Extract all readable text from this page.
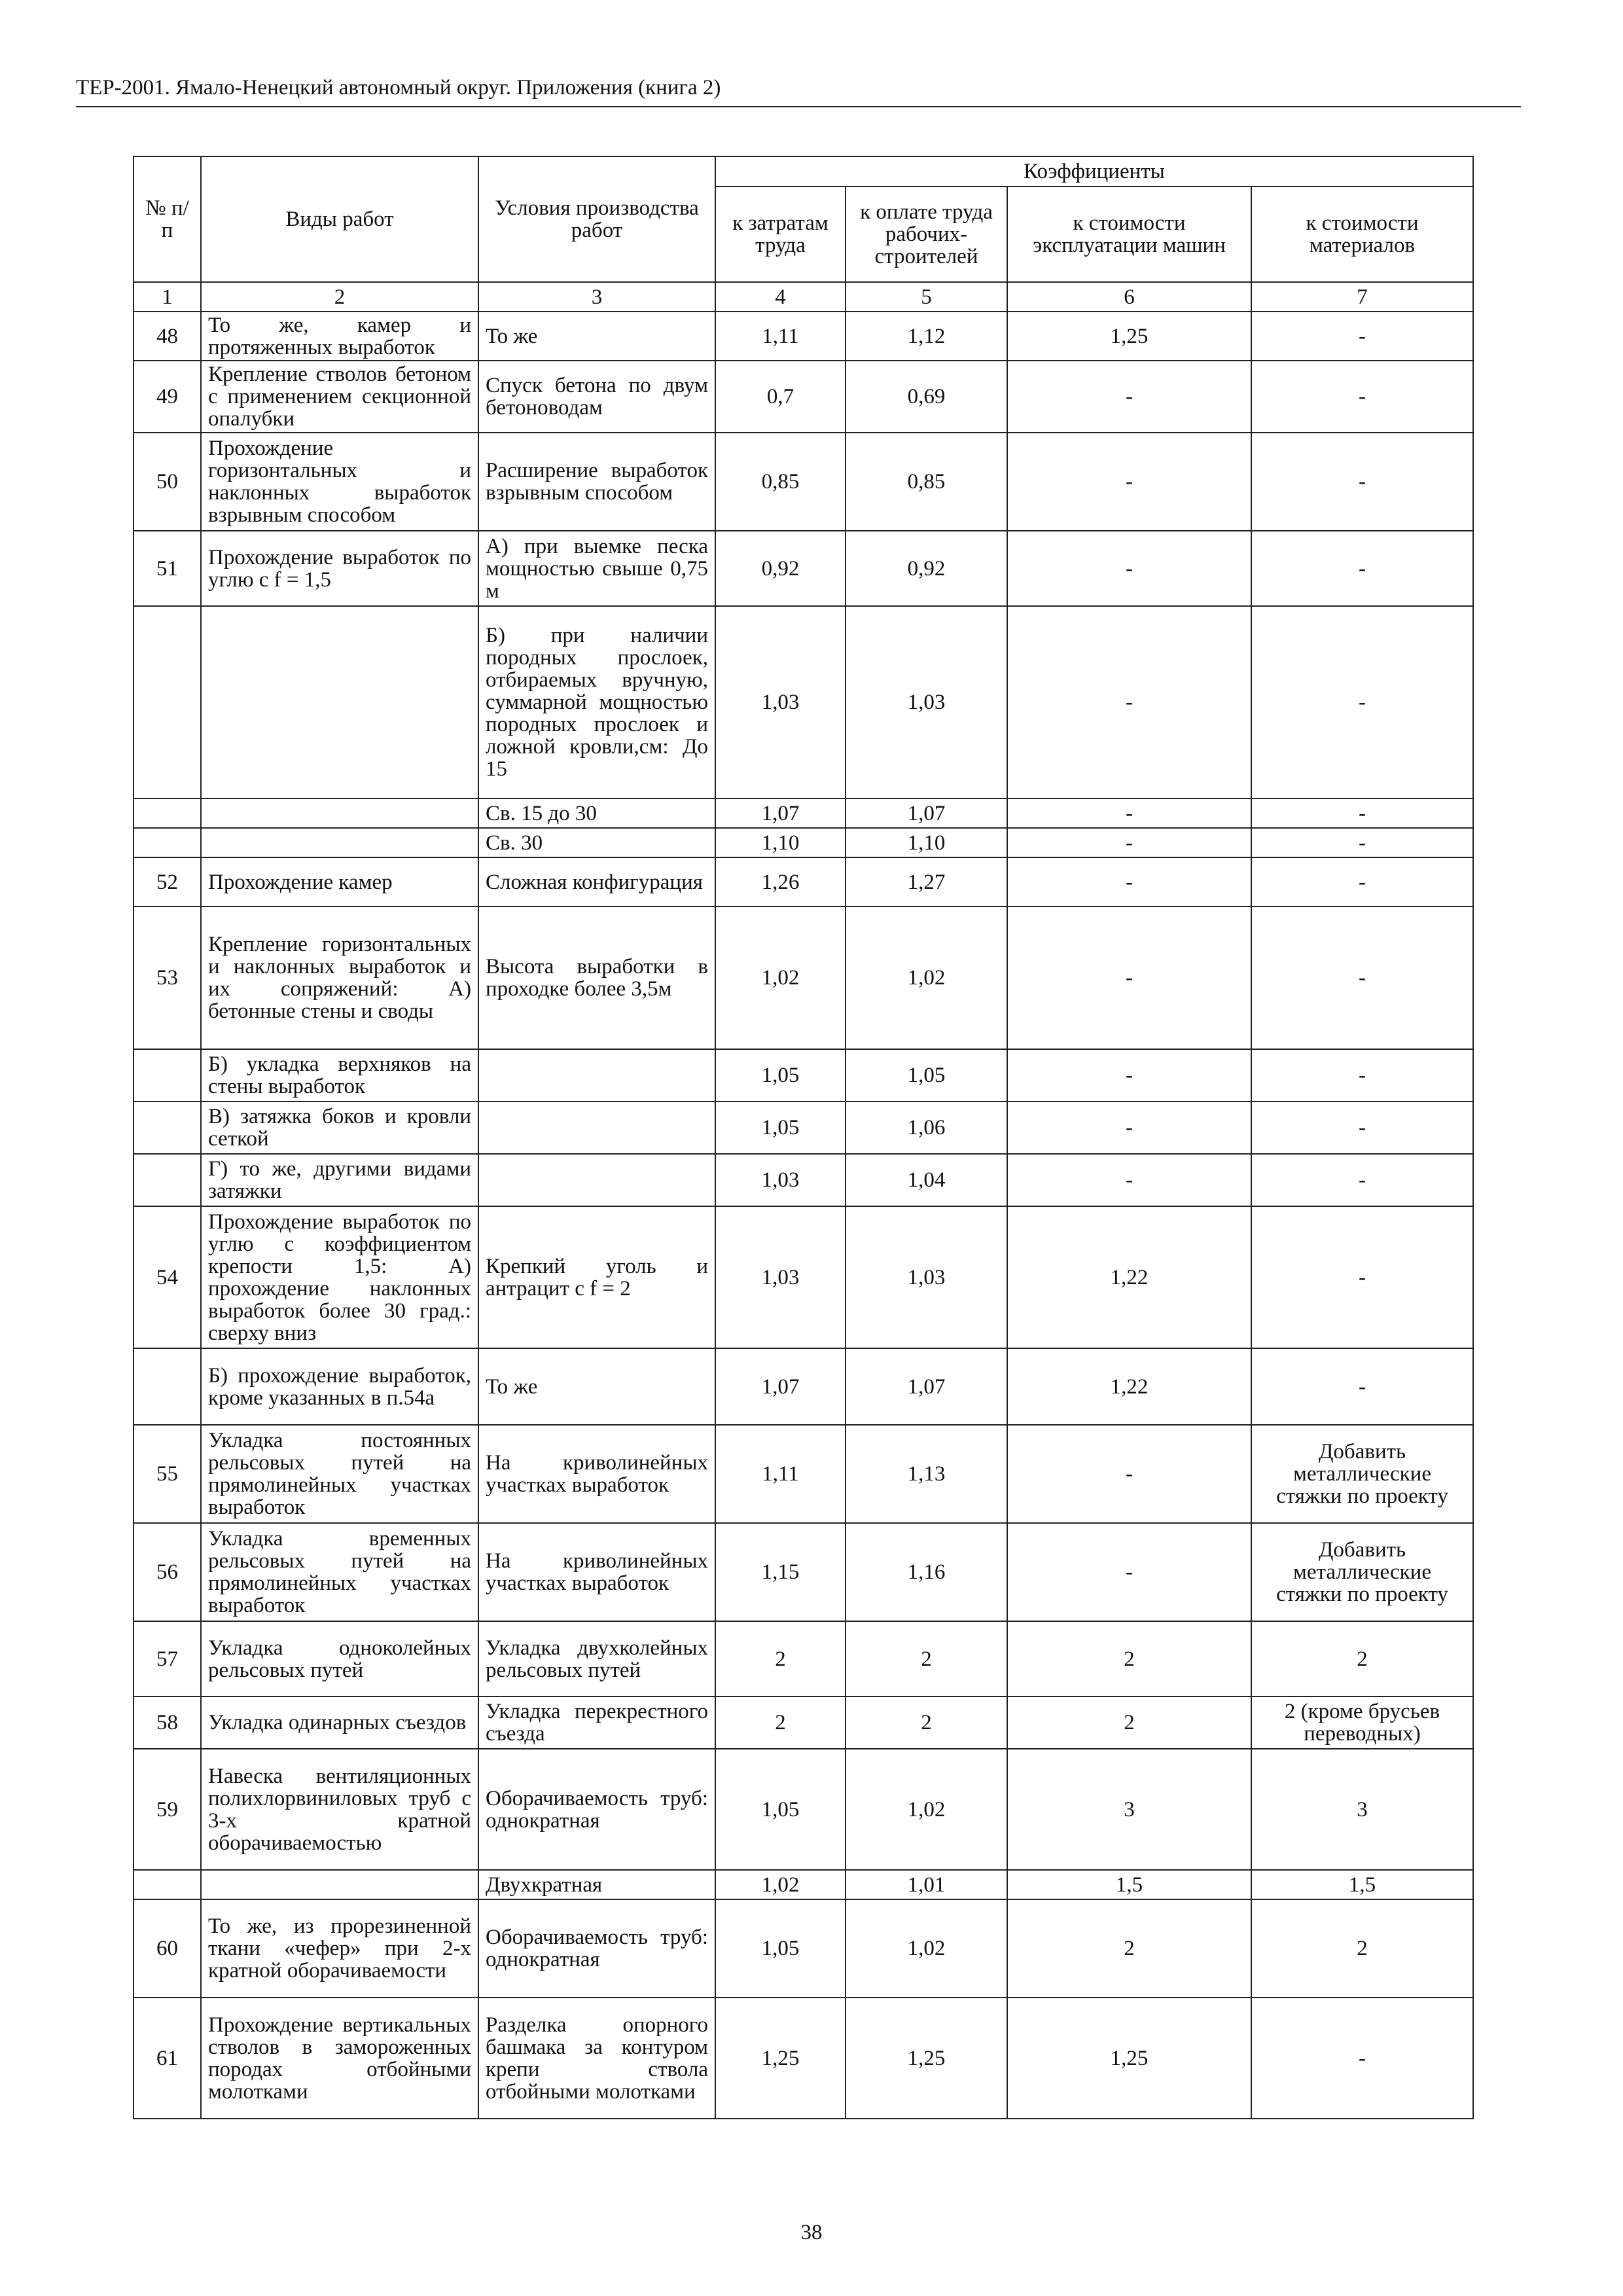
ТЕР-2001. Ямало-Ненецкий автономный округ. Приложения (книга 2)
№ п/п	Виды работ	Условия производства работ	Коэффициенты			
			к затратам труда	к оплате труда рабочих-строителей	к стоимости эксплуатации машин	к стоимости материалов
1	2	3	4	5	6	7
48	То же, камер и протяженных выработок	То же	1,11	1,12	1,25	-
49	Крепление стволов бетоном с применением секционной опалубки	Спуск бетона по двум бетоноводам	0,7	0,69	-	-
50	Прохождение горизонтальных и наклонных выработок взрывным способом	Расширение выработок взрывным способом	0,85	0,85	-	-
51	Прохождение выработок по углю с f = 1,5	А) при выемке песка мощностью свыше 0,75 м	0,92	0,92	-	-
		Б) при наличии породных прослоек, отбираемых вручную, суммарной мощностью породных прослоек и ложной кровли,см: До 15	1,03	1,03	-	-
		Св. 15 до 30	1,07	1,07	-	-
		Св. 30	1,10	1,10	-	-
52	Прохождение камер	Сложная конфигурация	1,26	1,27	-	-
53	Крепление горизонтальных и наклонных выработок и их сопряжений: А) бетонные стены и своды	Высота выработки в проходке более 3,5м	1,02	1,02	-	-
	Б) укладка верхняков на стены выработок		1,05	1,05	-	-
	В) затяжка боков и кровли сеткой		1,05	1,06	-	-
	Г) то же, другими видами затяжки		1,03	1,04	-	-
54	Прохождение выработок по углю с коэффициентом крепости 1,5: А) прохождение наклонных выработок более 30 град.: сверху вниз	Крепкий уголь и антрацит с f = 2	1,03	1,03	1,22	-
	Б) прохождение выработок, кроме указанных в п.54а	То же	1,07	1,07	1,22	-
55	Укладка постоянных рельсовых путей на прямолинейных участках выработок	На криволинейных участках выработок	1,11	1,13	-	Добавить металлические стяжки по проекту
56	Укладка временных рельсовых путей на прямолинейных участках выработок	На криволинейных участках выработок	1,15	1,16	-	Добавить металлические стяжки по проекту
57	Укладка одноколейных рельсовых путей	Укладка двухколейных рельсовых путей	2	2	2	2
58	Укладка одинарных съездов	Укладка перекрестного съезда	2	2	2	2 (кроме брусьев переводных)
59	Навеска вентиляционных полихлорвиниловых труб с 3-х кратной оборачиваемостью	Оборачиваемость труб: однократная	1,05	1,02	3	3
		Двухкратная	1,02	1,01	1,5	1,5
60	То же, из прорезиненной ткани «чефер» при 2-х кратной оборачиваемости	Оборачиваемость труб: однократная	1,05	1,02	2	2
61	Прохождение вертикальных стволов в замороженных породах отбойными молотками	Разделка опорного башмака за контуром крепи ствола отбойными молотками	1,25	1,25	1,25	-
38
